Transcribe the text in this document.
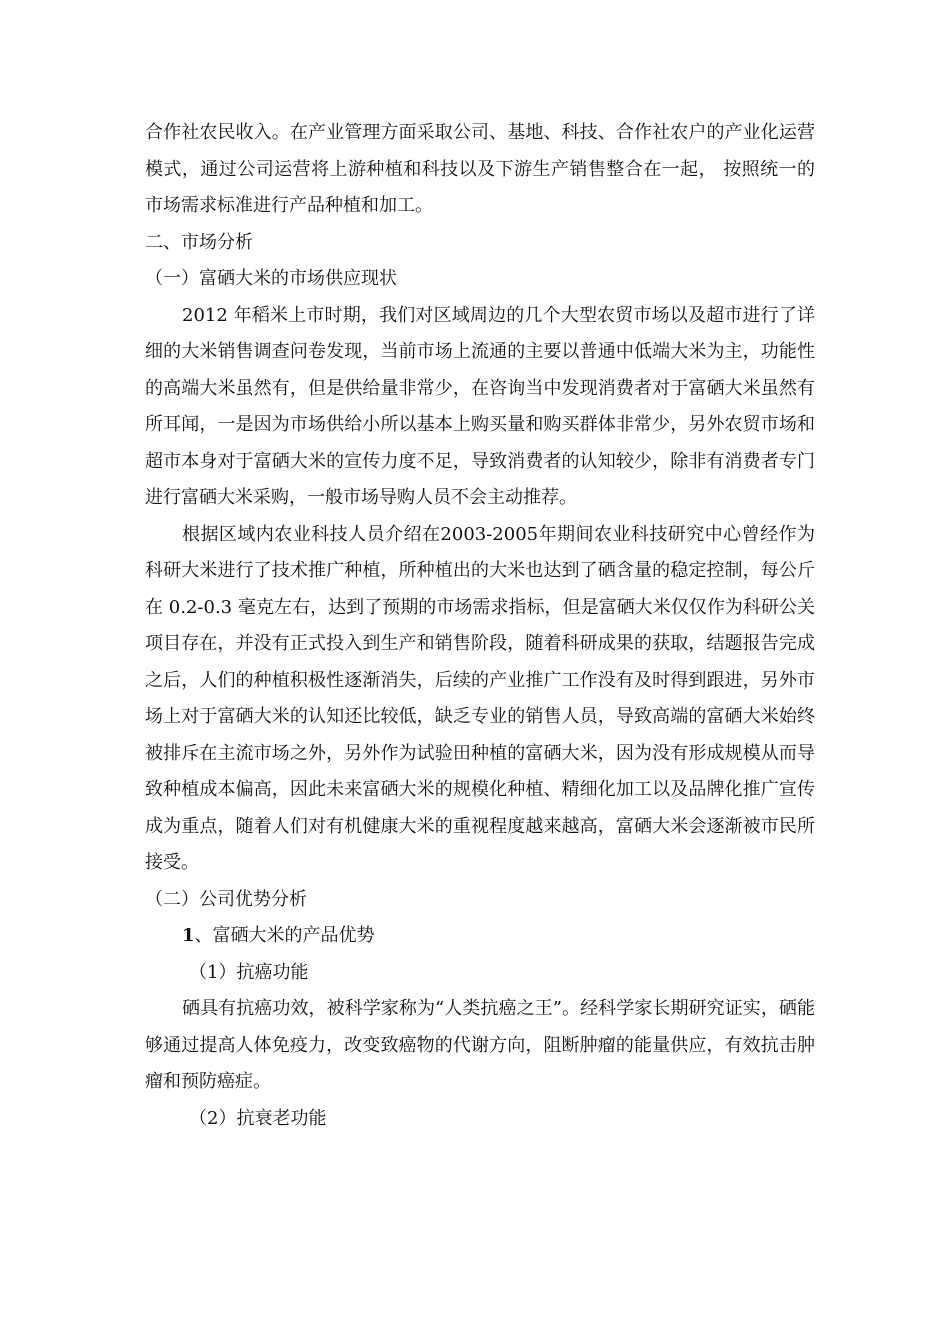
合作社农民收入。在产业管理方面采取公司、基地、科技、合作社农户的产业化运营模式，通过公司运营将上游种植和科技以及下游生产销售整合在一起， 按照统一的市场需求标准进行产品种植和加工。

二、市场分析

（一）富硒大米的市场供应现状

2012 年稻米上市时期，我们对区域周边的几个大型农贸市场以及超市进行了详细的大米销售调查问卷发现，当前市场上流通的主要以普通中低端大米为主，功能性的高端大米虽然有，但是供给量非常少，在咨询当中发现消费者对于富硒大米虽然有所耳闻，一是因为市场供给小所以基本上购买量和购买群体非常少，另外农贸市场和超市本身对于富硒大米的宣传力度不足，导致消费者的认知较少，除非有消费者专门进行富硒大米采购，一般市场导购人员不会主动推荐。

根据区域内农业科技人员介绍在2003-2005年期间农业科技研究中心曾经作为科研大米进行了技术推广种植，所种植出的大米也达到了硒含量的稳定控制，每公斤在 0.2-0.3 毫克左右，达到了预期的市场需求指标，但是富硒大米仅仅作为科研公关项目存在，并没有正式投入到生产和销售阶段，随着科研成果的获取，结题报告完成之后，人们的种植积极性逐渐消失，后续的产业推广工作没有及时得到跟进，另外市场上对于富硒大米的认知还比较低，缺乏专业的销售人员，导致高端的富硒大米始终被排斥在主流市场之外，另外作为试验田种植的富硒大米，因为没有形成规模从而导致种植成本偏高，因此未来富硒大米的规模化种植、精细化加工以及品牌化推广宣传成为重点，随着人们对有机健康大米的重视程度越来越高，富硒大米会逐渐被市民所接受。

（二）公司优势分析

1、富硒大米的产品优势

（1）抗癌功能

硒具有抗癌功效，被科学家称为“人类抗癌之王”。经科学家长期研究证实，硒能够通过提高人体免疫力，改变致癌物的代谢方向，阻断肿瘤的能量供应，有效抗击肿瘤和预防癌症。

（2）抗衰老功能
